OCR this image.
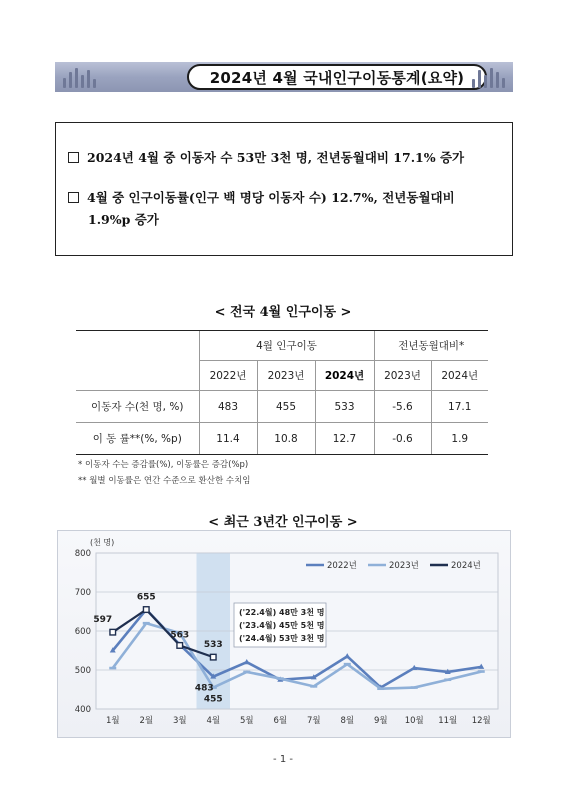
2024년 4월 국내인구이동통계(요약)
2024년 4월 중 이동자 수 53만 3천 명, 전년동월대비 17.1% 증가
4월 중 인구이동률(인구 백 명당 이동자 수) 12.7%, 전년동월대비
1.9%p 증가
< 전국 4월 인구이동 >
	4월 인구이동			전년동월대비*	
	2022년	2023년	2024년	2023년	2024년
이동자 수(천 명, %)	483	455	533	-5.6	17.1
이 동 률**(%, %p)	11.4	10.8	12.7	-0.6	1.9
* 이동자 수는 증감률(%), 이동률은 증감(%p)
** 월별 이동률은 연간 수준으로 환산한 수치임
< 최근 3년간 인구이동 >
400
500
600
700
800
(천 명)
1월 2월 3월 4월 5월 6월 7월 8월 9월 10월 11월 12월
597
655
563
533
483
455
('22.4월) 48만 3천 명
('23.4월) 45만 5천 명
('24.4월) 53만 3천 명
2022년	2023년	2024년
- 1 -
